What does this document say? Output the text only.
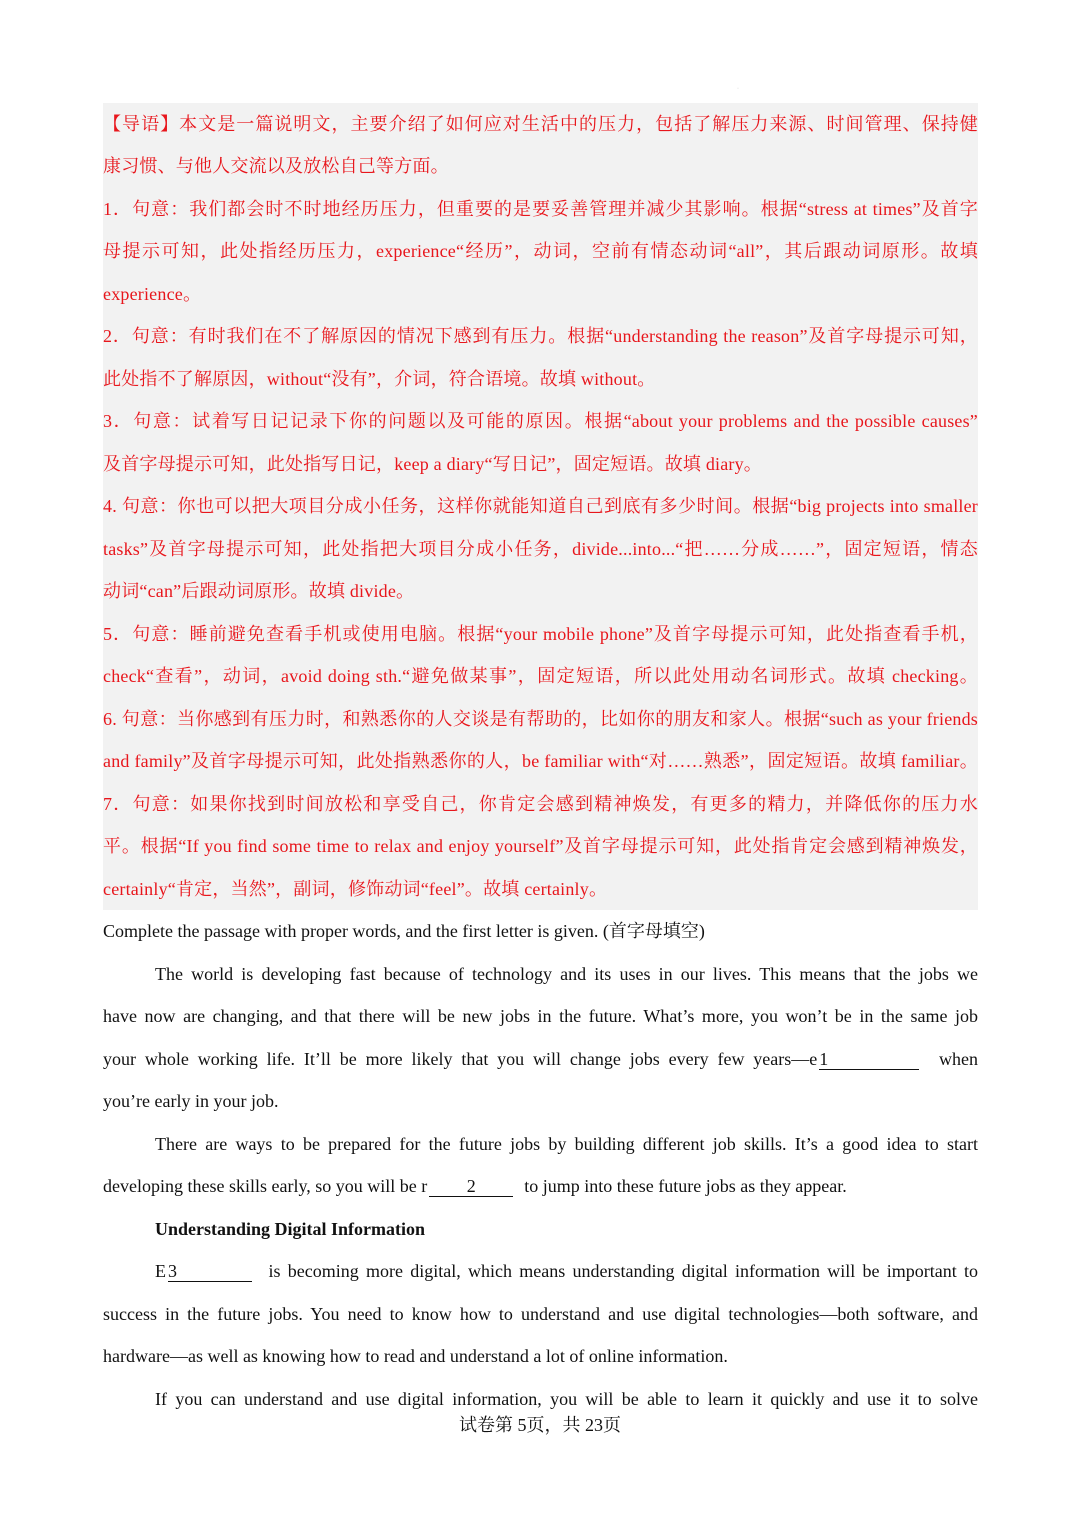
·
【导语】本文是一篇说明文，主要介绍了如何应对生活中的压力，包括了解压力来源、时间管理、保持健
康习惯、与他人交流以及放松自己等方面。
1．句意：我们都会时不时地经历压力，但重要的是要妥善管理并减少其影响。根据“stress at times”及首字
母提示可知，此处指经历压力，experience“经历”，动词，空前有情态动词“all”，其后跟动词原形。故填
experience。
2．句意：有时我们在不了解原因的情况下感到有压力。根据“understanding the reason”及首字母提示可知，
此处指不了解原因，without“没有”，介词，符合语境。故填 without。
3．句意：试着写日记记录下你的问题以及可能的原因。根据“about your problems and the possible causes”
及首字母提示可知，此处指写日记，keep a diary“写日记”，固定短语。故填 diary。
4. 句意：你也可以把大项目分成小任务，这样你就能知道自己到底有多少时间。根据“big projects into smaller
tasks”及首字母提示可知，此处指把大项目分成小任务，divide...into...“把……分成……”，固定短语，情态
动词“can”后跟动词原形。故填 divide。
5．句意：睡前避免查看手机或使用电脑。根据“your mobile phone”及首字母提示可知，此处指查看手机，
check“查看”，动词，avoid doing sth.“避免做某事”，固定短语，所以此处用动名词形式。故填 checking。
6. 句意：当你感到有压力时，和熟悉你的人交谈是有帮助的，比如你的朋友和家人。根据“such as your friends
and family”及首字母提示可知，此处指熟悉你的人，be familiar with“对……熟悉”，固定短语。故填 familiar。
7．句意：如果你找到时间放松和享受自己，你肯定会感到精神焕发，有更多的精力，并降低你的压力水
平。根据“If you find some time to relax and enjoy yourself”及首字母提示可知，此处指肯定会感到精神焕发，
certainly“肯定，当然”，副词，修饰动词“feel”。故填 certainly。
Complete the passage with proper words, and the first letter is given. (首字母填空)
The world is developing fast because of technology and its uses in our lives. This means that the jobs we
have now are changing, and that there will be new jobs in the future. What’s more, you won’t be in the same job
your whole working life. It’ll be more likely that you will change jobs every few years—e 1	when
you’re early in your job.
There are ways to be prepared for the future jobs by building different job skills. It’s a good idea to start
developing these skills early, so you will be r 2	to jump into these future jobs as they appear.
Understanding Digital Information
E 3	is becoming more digital, which means understanding digital information will be important to
success in the future jobs. You need to know how to understand and use digital technologies—both software, and
hardware—as well as knowing how to read and understand a lot of online information.
If you can understand and use digital information, you will be able to learn it quickly and use it to solve
试卷第 5页，共 23页
